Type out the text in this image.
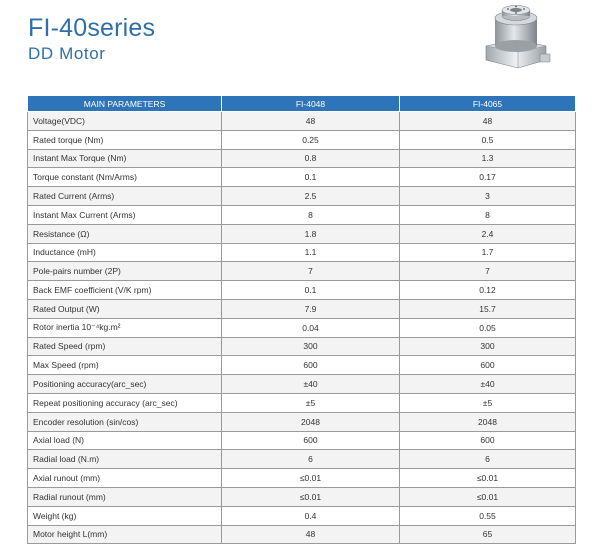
FI-40series
DD Motor
MAIN PARAMETERS	FI-4048	FI-4065
Voltage(VDC)	48	48
Rated torque (Nm)	0.25	0.5
Instant Max Torque (Nm)	0.8	1.3
Torque constant (Nm/Arms)	0.1	0.17
Rated Current (Arms)	2.5	3
Instant Max Current (Arms)	8	8
Resistance (Ω)	1.8	2.4
Inductance (mH)	1.1	1.7
Pole-pairs number (2P)	7	7
Back EMF coefficient (V/K rpm)	0.1	0.12
Rated Output (W)	7.9	15.7
Rotor inertia 10⁻⁴kg.m²	0.04	0.05
Rated Speed (rpm)	300	300
Max Speed (rpm)	600	600
Positioning accuracy(arc_sec)	±40	±40
Repeat positioning accuracy (arc_sec)	±5	±5
Encoder resolution (sin/cos)	2048	2048
Axial load (N)	600	600
Radial load (N.m)	6	6
Axial runout (mm)	≤0.01	≤0.01
Radial runout (mm)	≤0.01	≤0.01
Weight (kg)	0.4	0.55
Motor height L(mm)	48	65
